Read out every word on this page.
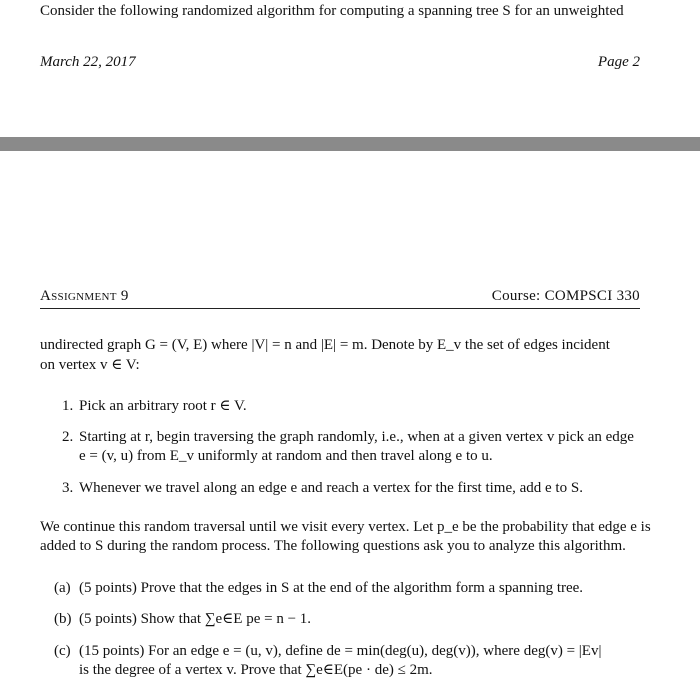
Consider the following randomized algorithm for computing a spanning tree S for an unweighted
March 22, 2017	Page 2
Assignment 9	Course: COMPSCI 330
undirected graph G = (V, E) where |V| = n and |E| = m. Denote by E_v the set of edges incident
on vertex v ∈ V:
1. Pick an arbitrary root r ∈ V.
2. Starting at r, begin traversing the graph randomly, i.e., when at a given vertex v pick an edge
e = (v, u) from E_v uniformly at random and then travel along e to u.
3. Whenever we travel along an edge e and reach a vertex for the first time, add e to S.
We continue this random traversal until we visit every vertex. Let p_e be the probability that edge e is
added to S during the random process. The following questions ask you to analyze this algorithm.
(a) (5 points) Prove that the edges in S at the end of the algorithm form a spanning tree.
(b) (5 points) Show that ∑e∈E pe = n − 1.
(c) (15 points) For an edge e = (u, v), define de = min(deg(u), deg(v)), where deg(v) = |Ev|
is the degree of a vertex v. Prove that ∑e∈E(pe · de) ≤ 2m.
